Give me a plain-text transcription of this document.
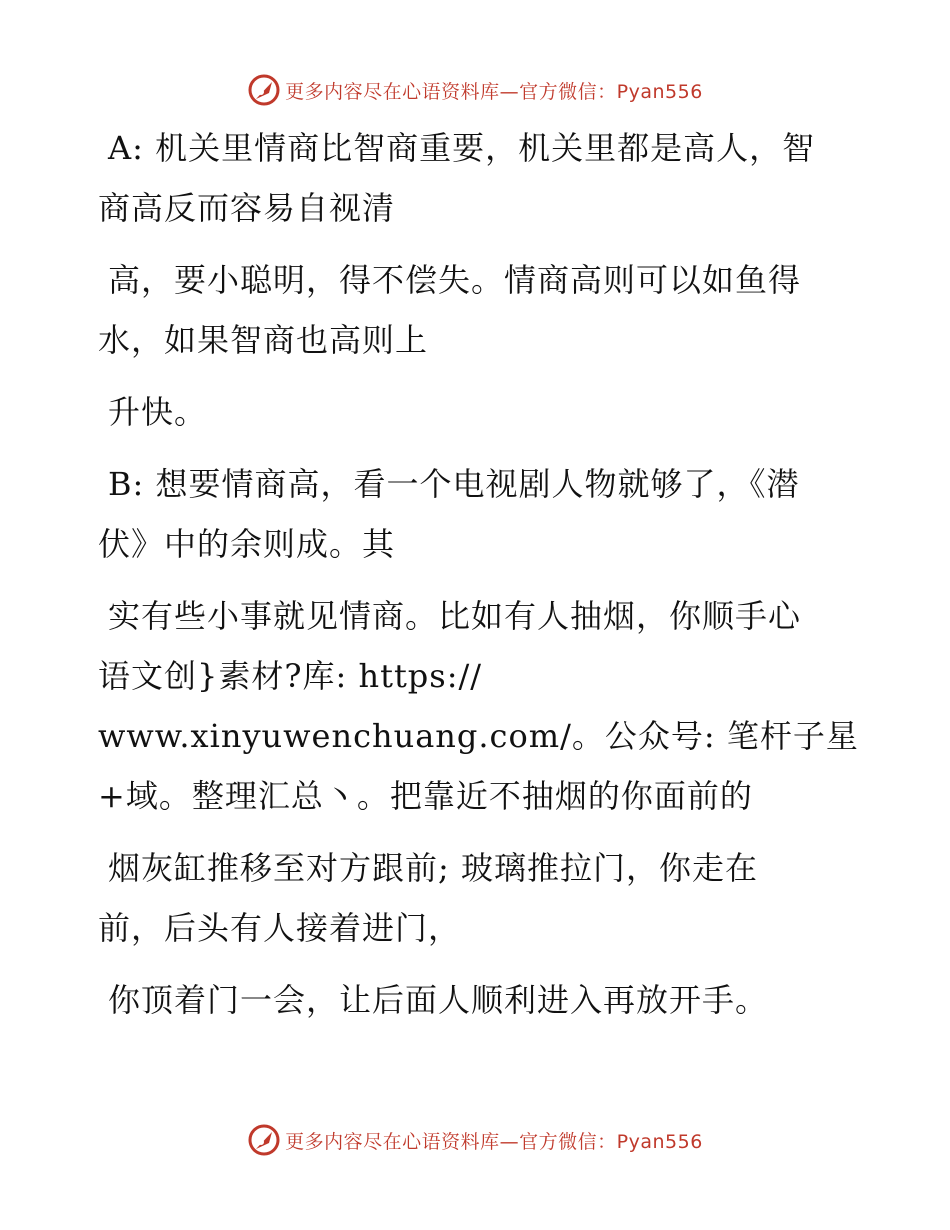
更多内容尽在心语资料库—官方微信：Pyan556
A: 机关里情商比智商重要，机关里都是高人，智
商高反而容易自视清
高，要小聪明，得不偿失。情商高则可以如鱼得
水，如果智商也高则上
升快。
B: 想要情商高，看一个电视剧人物就够了，《潜
伏》中的余则成。其
实有些小事就见情商。比如有人抽烟，你顺手心
语文创}素材?库: https://
www.xinyuwenchuang.com/。公众号: 笔杆子星
+域。整理汇总丶。把靠近不抽烟的你面前的
烟灰缸推移至对方跟前; 玻璃推拉门，你走在
前，后头有人接着进门，
你顶着门一会，让后面人顺利进入再放开手。
更多内容尽在心语资料库—官方微信：Pyan556
